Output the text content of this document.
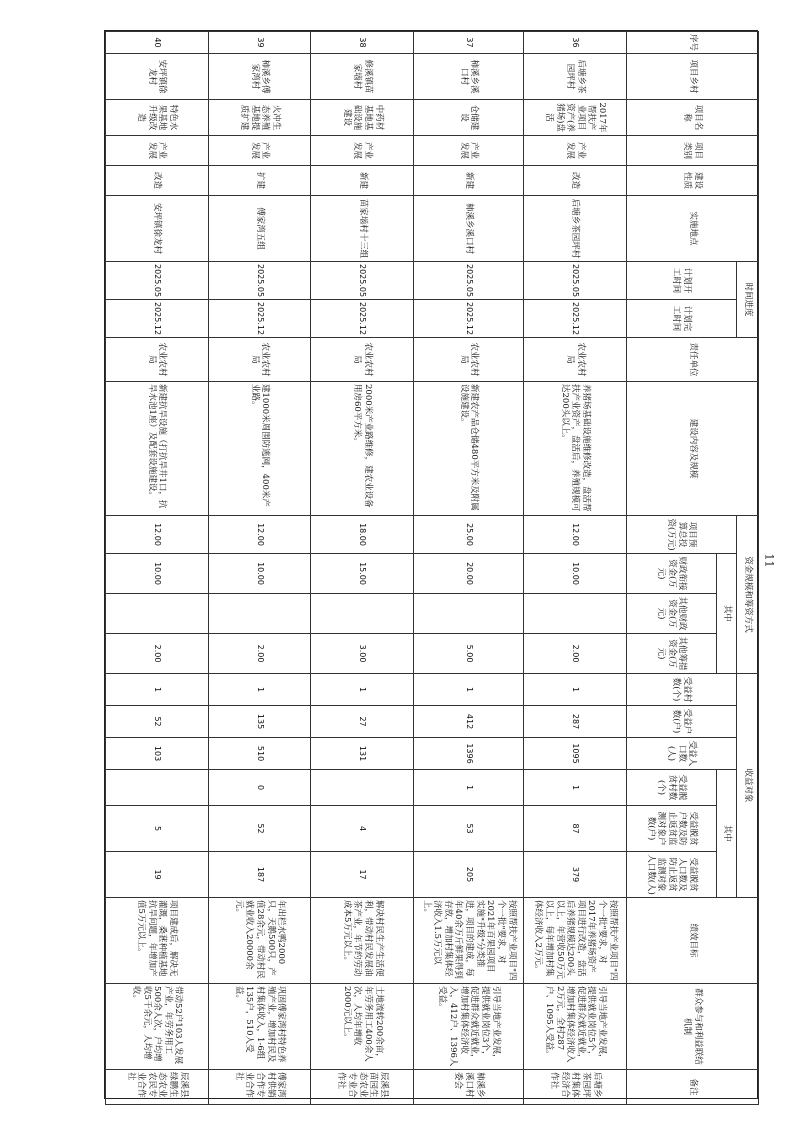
11
序号	项目乡村	项目名称	项目类别	建设性质	实施地点	时间进度		责任单位	建设内容及规模	资金规模和筹资方式				收益对象						绩效目标	群众参与和利益联结机制	备注
						计划开工时间	计划完工时间			项目预算总投资(万元)	其中			受益村数(个)	受益户数(户)	受益人口数(人)	其中					
											财政衔接资金(万元)	其他财政资金(万元)	其他筹措资金(万元)				受益脱贫村数(个)	受益脱贫户数及防止返贫监测对象户数(户)	受益脱贫人口数及防止返贫监测对象人口数(人)			
36	后塘乡茶园坪村	2017年帮扶产业项目资产(养猪场)盘活	产业发展	改造	后塘乡茶园坪村	2025.05	2025.12	农业农村局	养猪场基础设施维修改造，盘活帮扶产业资产，盘活后，养殖规模可达200头以上。	12.00	10.00		2.00	1	287	1095	1	87	379	按照帮扶产业项目"四个一批"要求，对2017年养猪场资产项目进行改造，盘活后养猪规模达200头以上，年营收50万元以上，每年增加村集体经济收入2万元。	引导当地产业发展，提供就业岗位5个，促进群众就近就业，增加村集体经济收入2万元，全村287户、1095人受益。	后塘乡茶园坪村集体经济合作社
37	柿溪乡溪口村	仓储建设	产业发展	新建	柿溪乡溪口村	2025.05	2025.12	农业农村局	新建农产品仓储480平方米及附属设施建设。	25.00	20.00		5.00	1	412	1396	1	53	205	按照帮扶产业项目"四个一批"要求，对2021年百果园项目实施"升级"分类推进，项目的建成，每年40余万斤鲜果得到存放，增加村集体经济收入1.5万元以上。	引导当地产业发展，提供就业岗位3个，促进群众就近就业，增加村集体经济收入，412户、1396人受益。	柿溪乡溪口村委会
38	修溪镇苗家堖村	中药材基地基础设施建设	产业发展	新建	苗家堖村十三组	2025.05	2025.12	农业农村局	2000米产业路维修，建农业设备用房60平方米。	18.00	15.00		3.00	1	27	131		4	17	解决村民生产生活便利，带动村民发展油茶产业，年节约劳动成本5万元以上。	土地流转200余亩，年劳务用工400余人次，人均年增收2000元以上。	辰溪县苗园生态农业专业合作社
39	柿溪乡傅家湾村	火冲生态养殖基地提质扩建	产业发展	扩建	傅家湾五组	2025.05	2025.12	农业农村局	建1000米周围防逃网，400米产业路。	12.00	10.00		2.00	1	135	510	0	52	187	年出栏水鸭2000只，天鹅500只，产值28余元，带动村民就业收入20000余元。	巩固傅家湾村特色养殖产业，增加村民及村集体收入，1-6组135户，510人受益。	傅家湾村供销合作专业合作社
40	安坪镇徐龙村	特色水果基地升级改造	产业发展	改造	安坪镇徐龙村	2025.05	2025.12	农业农村局	新建抗旱设施（打抗旱井1口，抗旱水池1座）及配套设施建设。	12.00	10.00		2.00	1	52	103		5	19	项目建成后，解决无灌溉，桑葚种植基地抗旱问题，年增加产值5万元以上。	带动52户103人发展产业，年劳务用工500余人次，户均增收5千余元，人均增收。	辰溪县绿鹏生态农业农民专业合作社
